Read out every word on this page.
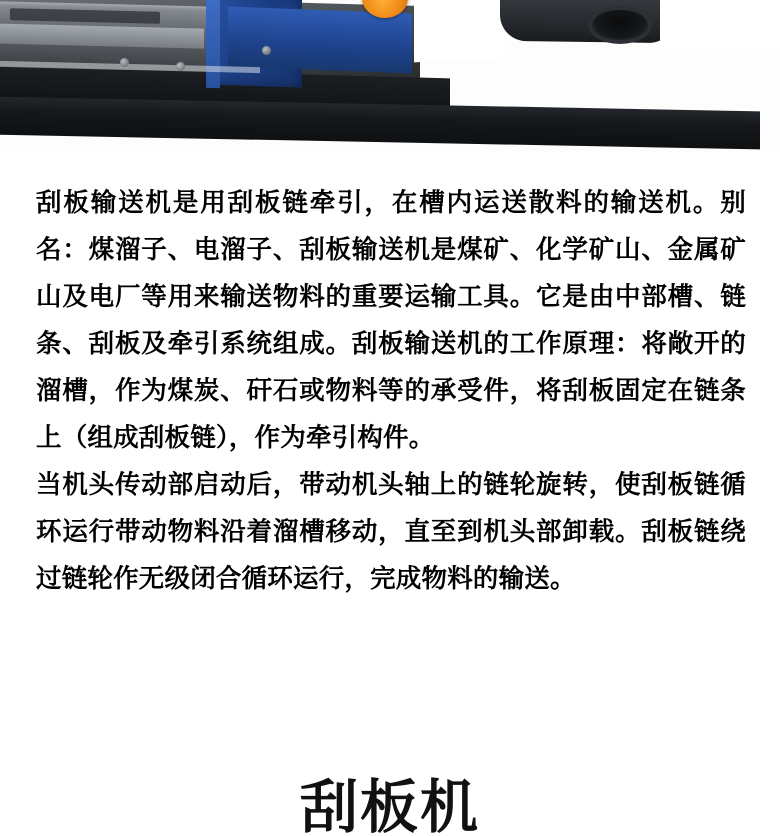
刮板输送机是用刮板链牵引，在槽内运送散料的输送机。别名：煤溜子、电溜子、刮板输送机是煤矿、化学矿山、金属矿山及电厂等用来输送物料的重要运输工具。它是由中部槽、链条、刮板及牵引系统组成。刮板输送机的工作原理：将敞开的溜槽，作为煤炭、矸石或物料等的承受件，将刮板固定在链条上（组成刮板链），作为牵引构件。

当机头传动部启动后，带动机头轴上的链轮旋转，使刮板链循环运行带动物料沿着溜槽移动，直至到机头部卸载。刮板链绕过链轮作无级闭合循环运行，完成物料的输送。

刮板机
